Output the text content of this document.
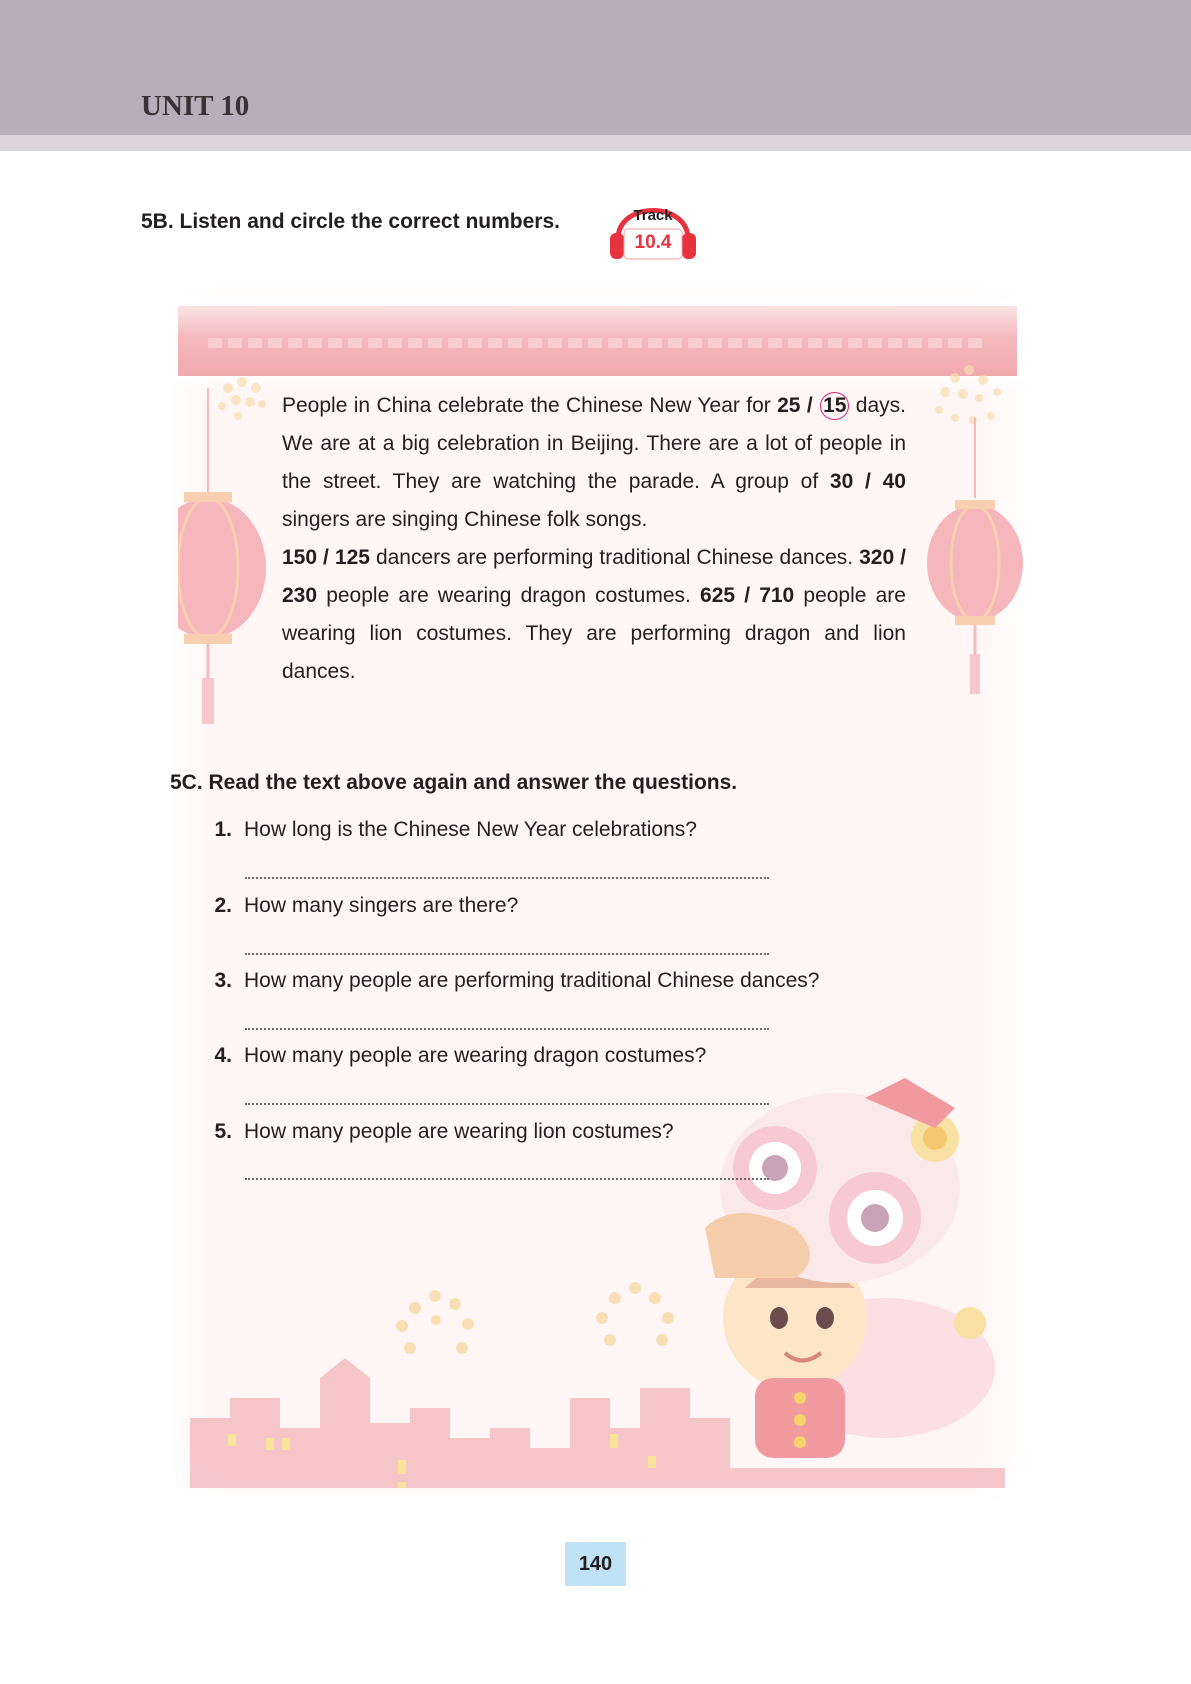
UNIT 10
5B. Listen and circle the correct numbers.	Track
10.4

People in China celebrate the Chinese New Year for 25 / 15 days. We are at a big celebration in Beijing. There are a lot of people in the street. They are watching the parade. A group of 30 / 40 singers are singing Chinese folk songs.
150 / 125 dancers are performing traditional Chinese dances. 320 / 230 people are wearing dragon costumes. 625 / 710 people are wearing lion costumes. They are performing dragon and lion dances.

5C. Read the text above again and answer the questions.
1. How long is the Chinese New Year celebrations?
2. How many singers are there?
3. How many people are performing traditional Chinese dances?
4. How many people are wearing dragon costumes?
5. How many people are wearing lion costumes?
140
